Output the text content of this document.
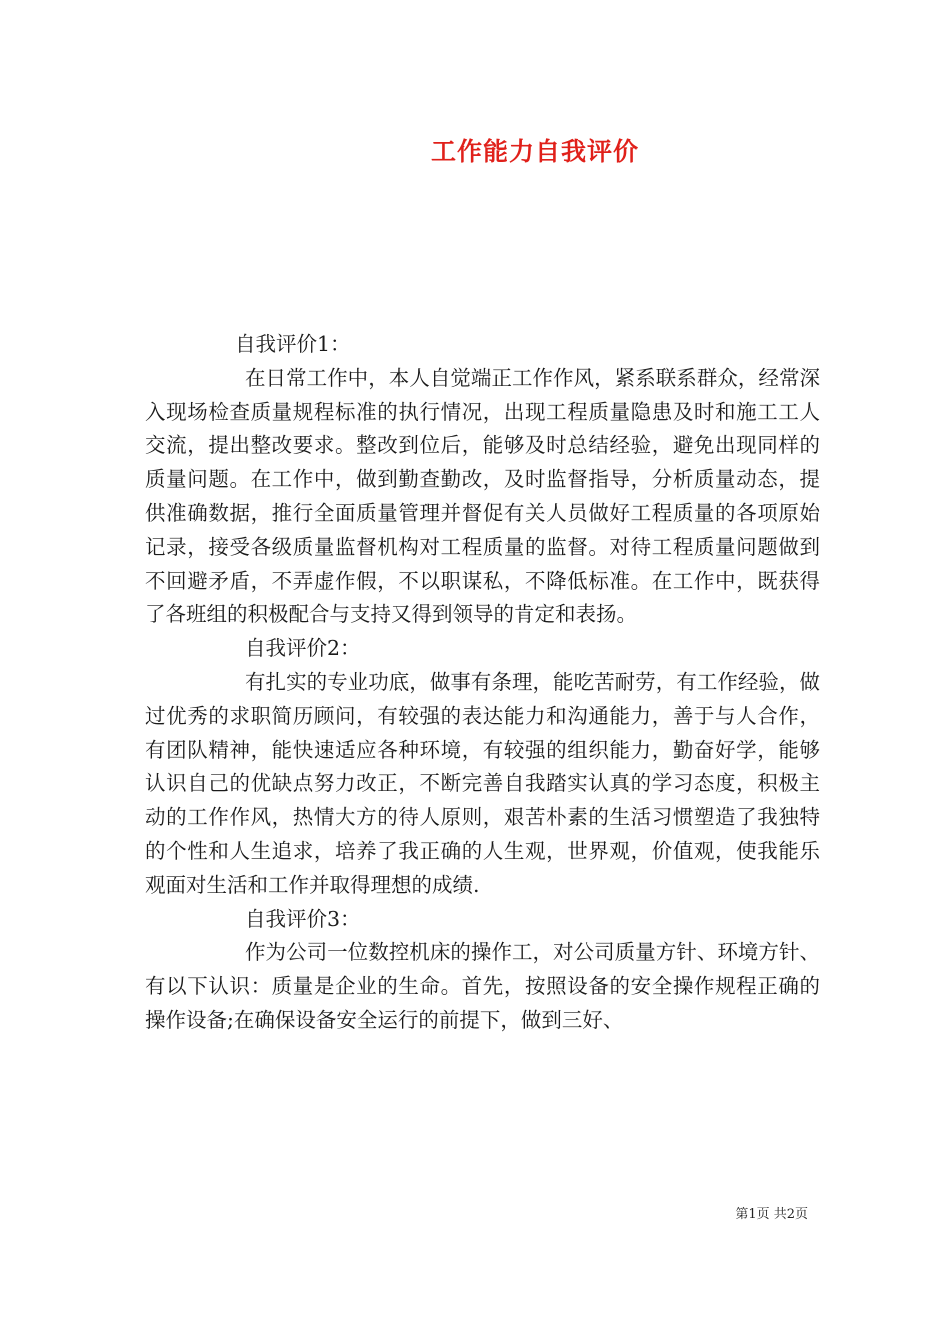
工作能力自我评价

自我评价1：

在日常工作中，本人自觉端正工作作风，紧系联系群众，经常深入现场检查质量规程标准的执行情况，出现工程质量隐患及时和施工工人交流，提出整改要求。整改到位后，能够及时总结经验，避免出现同样的质量问题。在工作中，做到勤查勤改，及时监督指导，分析质量动态，提供准确数据，推行全面质量管理并督促有关人员做好工程质量的各项原始记录，接受各级质量监督机构对工程质量的监督。对待工程质量问题做到不回避矛盾，不弄虚作假，不以职谋私，不降低标准。在工作中，既获得了各班组的积极配合与支持又得到领导的肯定和表扬。

自我评价2：

有扎实的专业功底，做事有条理，能吃苦耐劳，有工作经验，做过优秀的求职简历顾问，有较强的表达能力和沟通能力，善于与人合作，有团队精神，能快速适应各种环境，有较强的组织能力，勤奋好学，能够认识自己的优缺点努力改正，不断完善自我踏实认真的学习态度，积极主动的工作作风，热情大方的待人原则，艰苦朴素的生活习惯塑造了我独特的个性和人生追求，培养了我正确的人生观，世界观，价值观，使我能乐观面对生活和工作并取得理想的成绩.

自我评价3：

作为公司一位数控机床的操作工，对公司质量方针、环境方针、有以下认识：质量是企业的生命。首先，按照设备的安全操作规程正确的操作设备;在确保设备安全运行的前提下，做到三好、

第1页 共2页
